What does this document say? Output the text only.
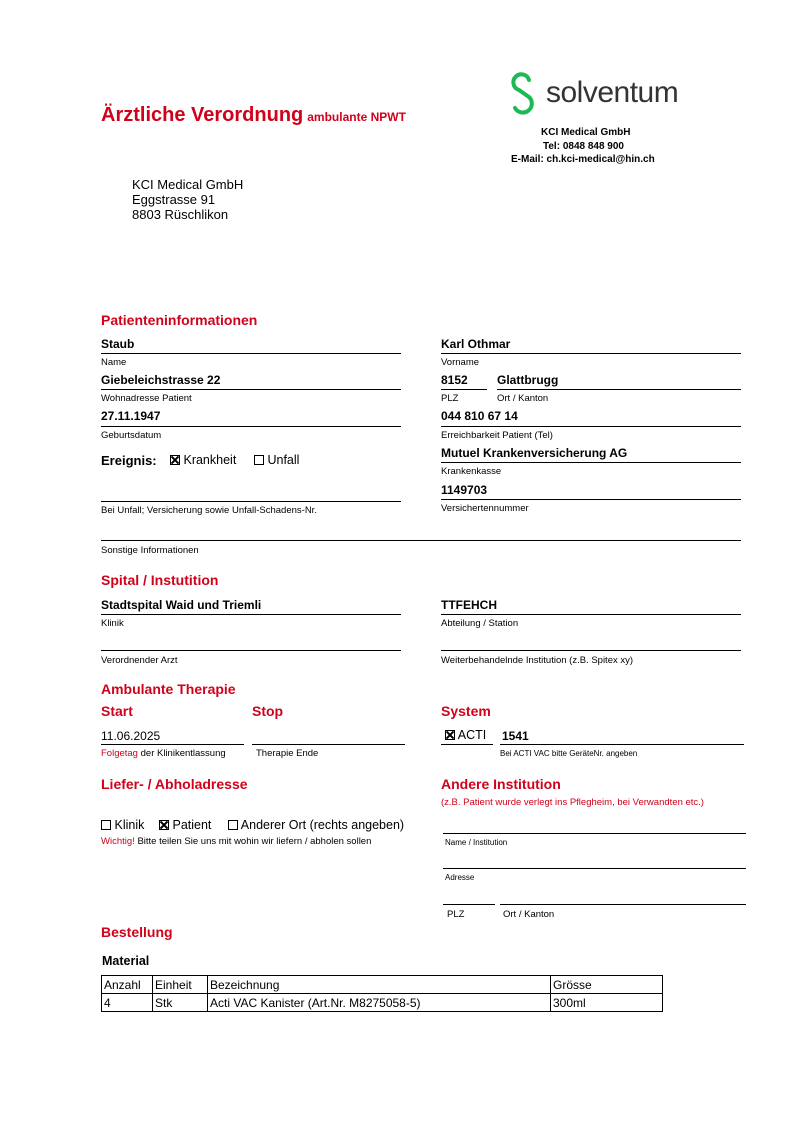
Ärztliche Verordnung ambulante NPWT
solventum
KCI Medical GmbH
Tel: 0848 848 900
E-Mail: ch.kci-medical@hin.ch
KCI Medical GmbH
Eggstrasse 91
8803 Rüschlikon
Patienteninformationen
Staub
Name
Karl Othmar
Vorname
Giebeleichstrasse 22
Wohnadresse Patient
8152
PLZ
Glattbrugg
Ort / Kanton
27.11.1947
Geburtsdatum
044 810 67 14
Erreichbarkeit Patient (Tel)
Ereignis:	Krankheit	Unfall	Mutuel Krankenversicherung AG
Krankenkasse
1149703
Versichertennummer
Bei Unfall; Versicherung sowie Unfall-Schadens-Nr.
Sonstige Informationen
Spital / Instutition
Stadtspital Waid und Triemli
Klinik
TTFEHCH
Abteilung / Station
Verordnender Arzt	Weiterbehandelnde Institution (z.B. Spitex xy)
Ambulante Therapie
Start	Stop	System
11.06.2025
Folgetag der Klinikentlassung	Therapie Ende
ACTI 1541
Bei ACTI VAC bitte GeräteNr. angeben
Liefer- / Abholadresse
Klinik	Patient	Anderer Ort (rechts angeben)
Wichtig! Bitte teilen Sie uns mit wohin wir liefern / abholen sollen
Andere Institution
(z.B. Patient wurde verlegt ins Pflegheim, bei Verwandten etc.)
Name / Institution
Adresse
PLZ	Ort / Kanton
Bestellung
Material
Anzahl	Einheit	Bezeichnung	Grösse
4	Stk	Acti VAC Kanister (Art.Nr. M8275058-5)	300ml
